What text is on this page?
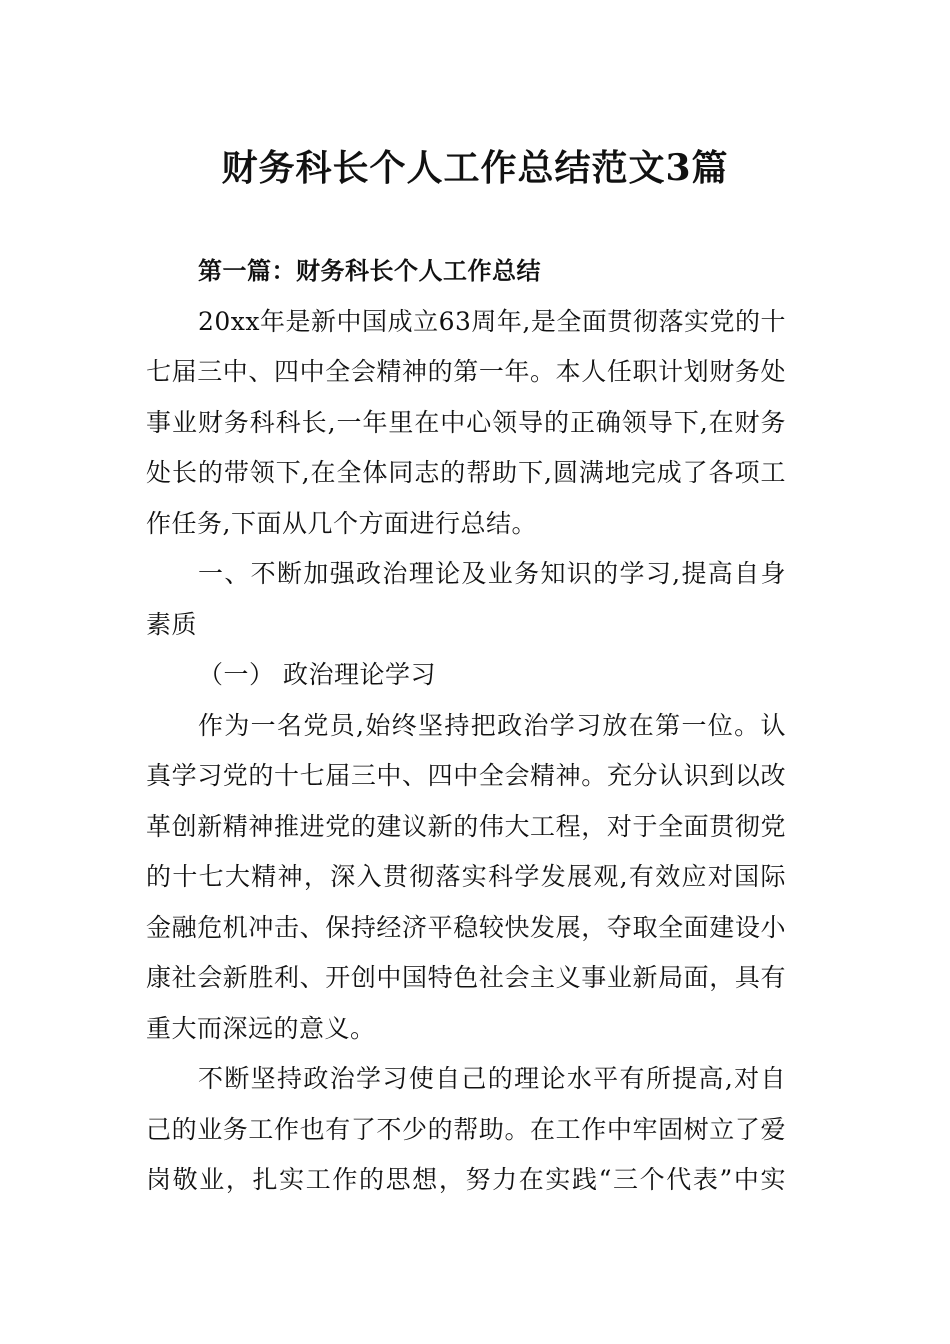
财务科长个人工作总结范文3篇

第一篇：财务科长个人工作总结

20xx年是新中国成立63周年,是全面贯彻落实党的十七届三中、四中全会精神的第一年。本人任职计划财务处事业财务科科长,一年里在中心领导的正确领导下,在财务处长的带领下,在全体同志的帮助下,圆满地完成了各项工作任务,下面从几个方面进行总结。

一、不断加强政治理论及业务知识的学习,提高自身素质

（一） 政治理论学习

作为一名党员,始终坚持把政治学习放在第一位。认真学习党的十七届三中、四中全会精神。充分认识到以改革创新精神推进党的建议新的伟大工程，对于全面贯彻党的十七大精神，深入贯彻落实科学发展观,有效应对国际金融危机冲击、保持经济平稳较快发展，夺取全面建设小康社会新胜利、开创中国特色社会主义事业新局面，具有重大而深远的意义。

不断坚持政治学习使自己的理论水平有所提高,对自己的业务工作也有了不少的帮助。在工作中牢固树立了爱岗敬业，扎实工作的思想，努力在实践“三个代表”中实
